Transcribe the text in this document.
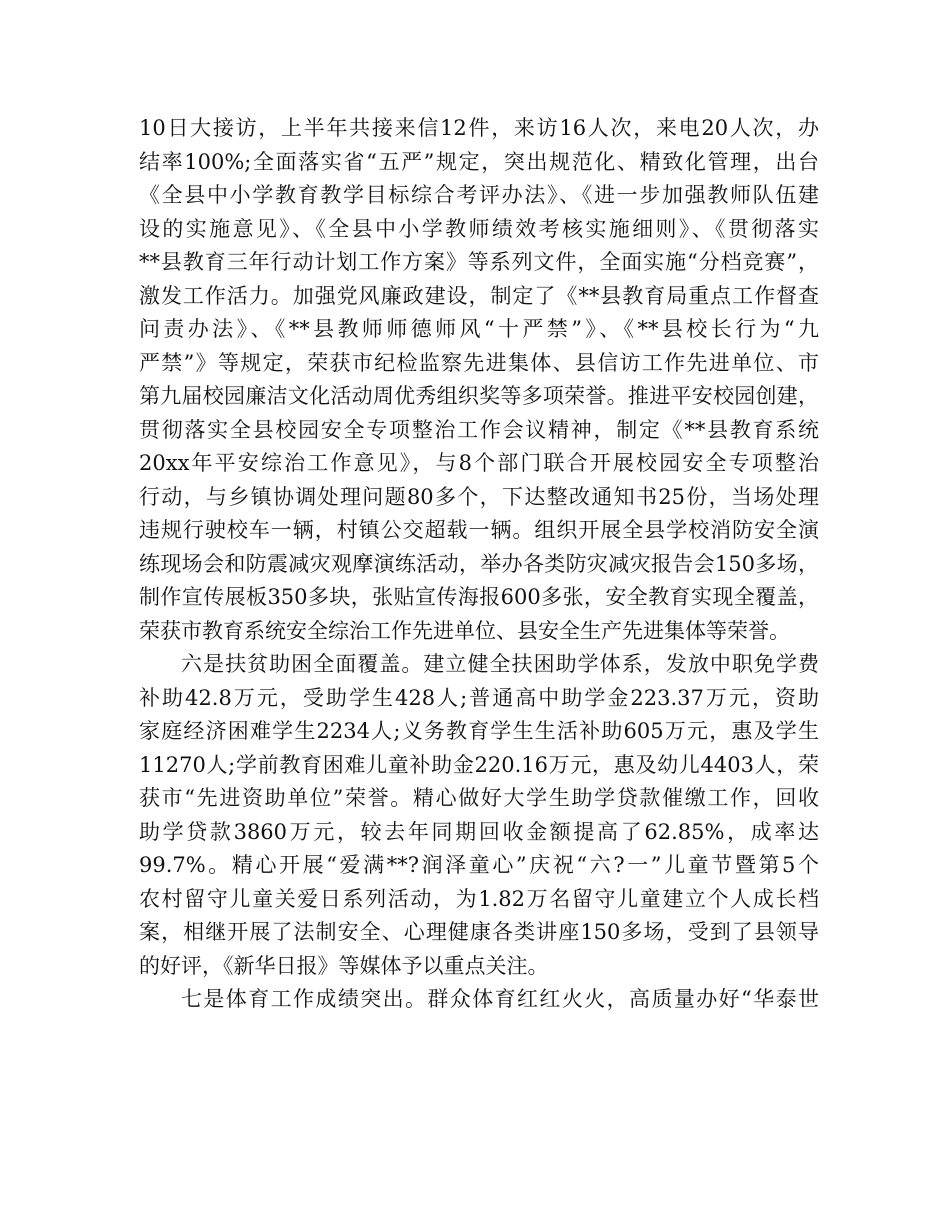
10日大接访，上半年共接来信12件，来访16人次，来电20人次，办
结率100%;全面落实省“五严”规定，突出规范化、精致化管理，出台
《全县中小学教育教学目标综合考评办法》、《进一步加强教师队伍建
设的实施意见》、《全县中小学教师绩效考核实施细则》、《贯彻落实
**县教育三年行动计划工作方案》等系列文件，全面实施“分档竞赛”，
激发工作活力。加强党风廉政建设，制定了《**县教育局重点工作督查
问责办法》、《**县教师师德师风“十严禁”》、《**县校长行为“九
严禁”》等规定，荣获市纪检监察先进集体、县信访工作先进单位、市
第九届校园廉洁文化活动周优秀组织奖等多项荣誉。推进平安校园创建，
贯彻落实全县校园安全专项整治工作会议精神，制定《**县教育系统
20xx年平安综治工作意见》，与8个部门联合开展校园安全专项整治
行动，与乡镇协调处理问题80多个，下达整改通知书25份，当场处理
违规行驶校车一辆，村镇公交超载一辆。组织开展全县学校消防安全演
练现场会和防震减灾观摩演练活动，举办各类防灾减灾报告会150多场，
制作宣传展板350多块，张贴宣传海报600多张，安全教育实现全覆盖，
荣获市教育系统安全综治工作先进单位、县安全生产先进集体等荣誉。
六是扶贫助困全面覆盖。建立健全扶困助学体系，发放中职免学费
补助42.8万元，受助学生428人;普通高中助学金223.37万元，资助
家庭经济困难学生2234人;义务教育学生生活补助605万元，惠及学生
11270人;学前教育困难儿童补助金220.16万元，惠及幼儿4403人，荣
获市“先进资助单位”荣誉。精心做好大学生助学贷款催缴工作，回收
助学贷款3860万元，较去年同期回收金额提高了62.85%，成率达
99.7%。精心开展“爱满**?润泽童心”庆祝“六?一”儿童节暨第5个
农村留守儿童关爱日系列活动，为1.82万名留守儿童建立个人成长档
案，相继开展了法制安全、心理健康各类讲座150多场，受到了县领导
的好评，《新华日报》等媒体予以重点关注。
七是体育工作成绩突出。群众体育红红火火，高质量办好“华泰世
